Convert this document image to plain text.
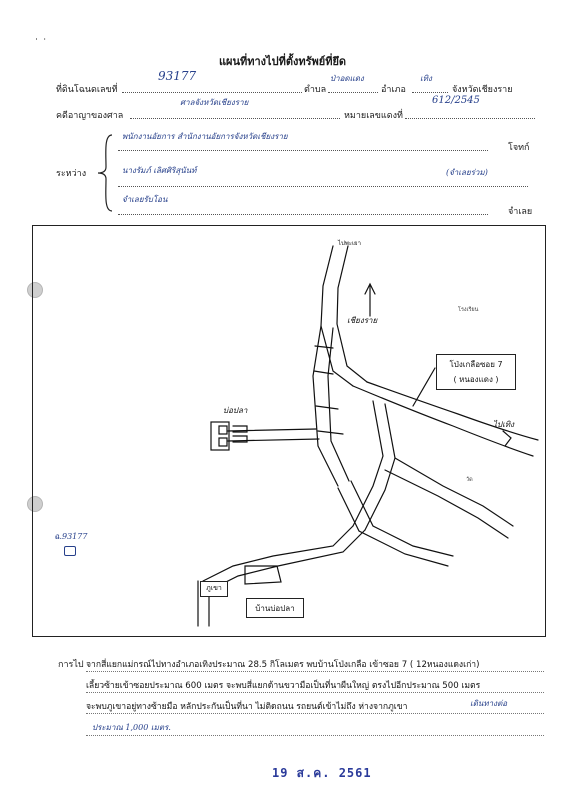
˙ ˙
แผนที่ทางไปที่ตั้งทรัพย์ที่ยึด
ที่ดินโฉนดเลขที่
93177
ตำบล
ป่าอดแดง
อำเภอ
เทิง
จังหวัดเชียงราย
คดีอาญาของศาล
ศาลจังหวัดเชียงราย
หมายเลขแดงที่
612/2545
ระหว่าง
พนักงานอัยการ สำนักงานอัยการจังหวัดเชียงราย
โจทก์
นางรัมภ์ เลิศศิริสุนันท์	(จำเลยร่วม)
จำเลยรับโอน
จำเลย
ไปพะเยา
เชียงราย
โป่งเกลือซอย 7
( หนองแดง )
บ่อปลา
ภูเขา
บ้านบ่อปลา
ไปเทิง
โรงเรียน
วัด
ฉ.93177
การไป จากสี่แยกแม่กรณ์ไปทางอำเภอเทิงประมาณ 28.5 กิโลเมตร พบบ้านโป่งเกลือ เข้าซอย 7 ( 12หนองแดงเก่า)
เลี้ยวซ้ายเข้าซอยประมาณ 600 เมตร จะพบสี่แยกด้านขวามือเป็นที่นาผืนใหญ่ ตรงไปอีกประมาณ 500 เมตร
จะพบภูเขาอยู่ทางซ้ายมือ หลักประกันเป็นที่นา ไม่ติดถนน รถยนต์เข้าไม่ถึง ห่างจากภูเขา	เดินทางต่อ
ประมาณ 1,000 เมตร.
19 ส.ค. 2561
